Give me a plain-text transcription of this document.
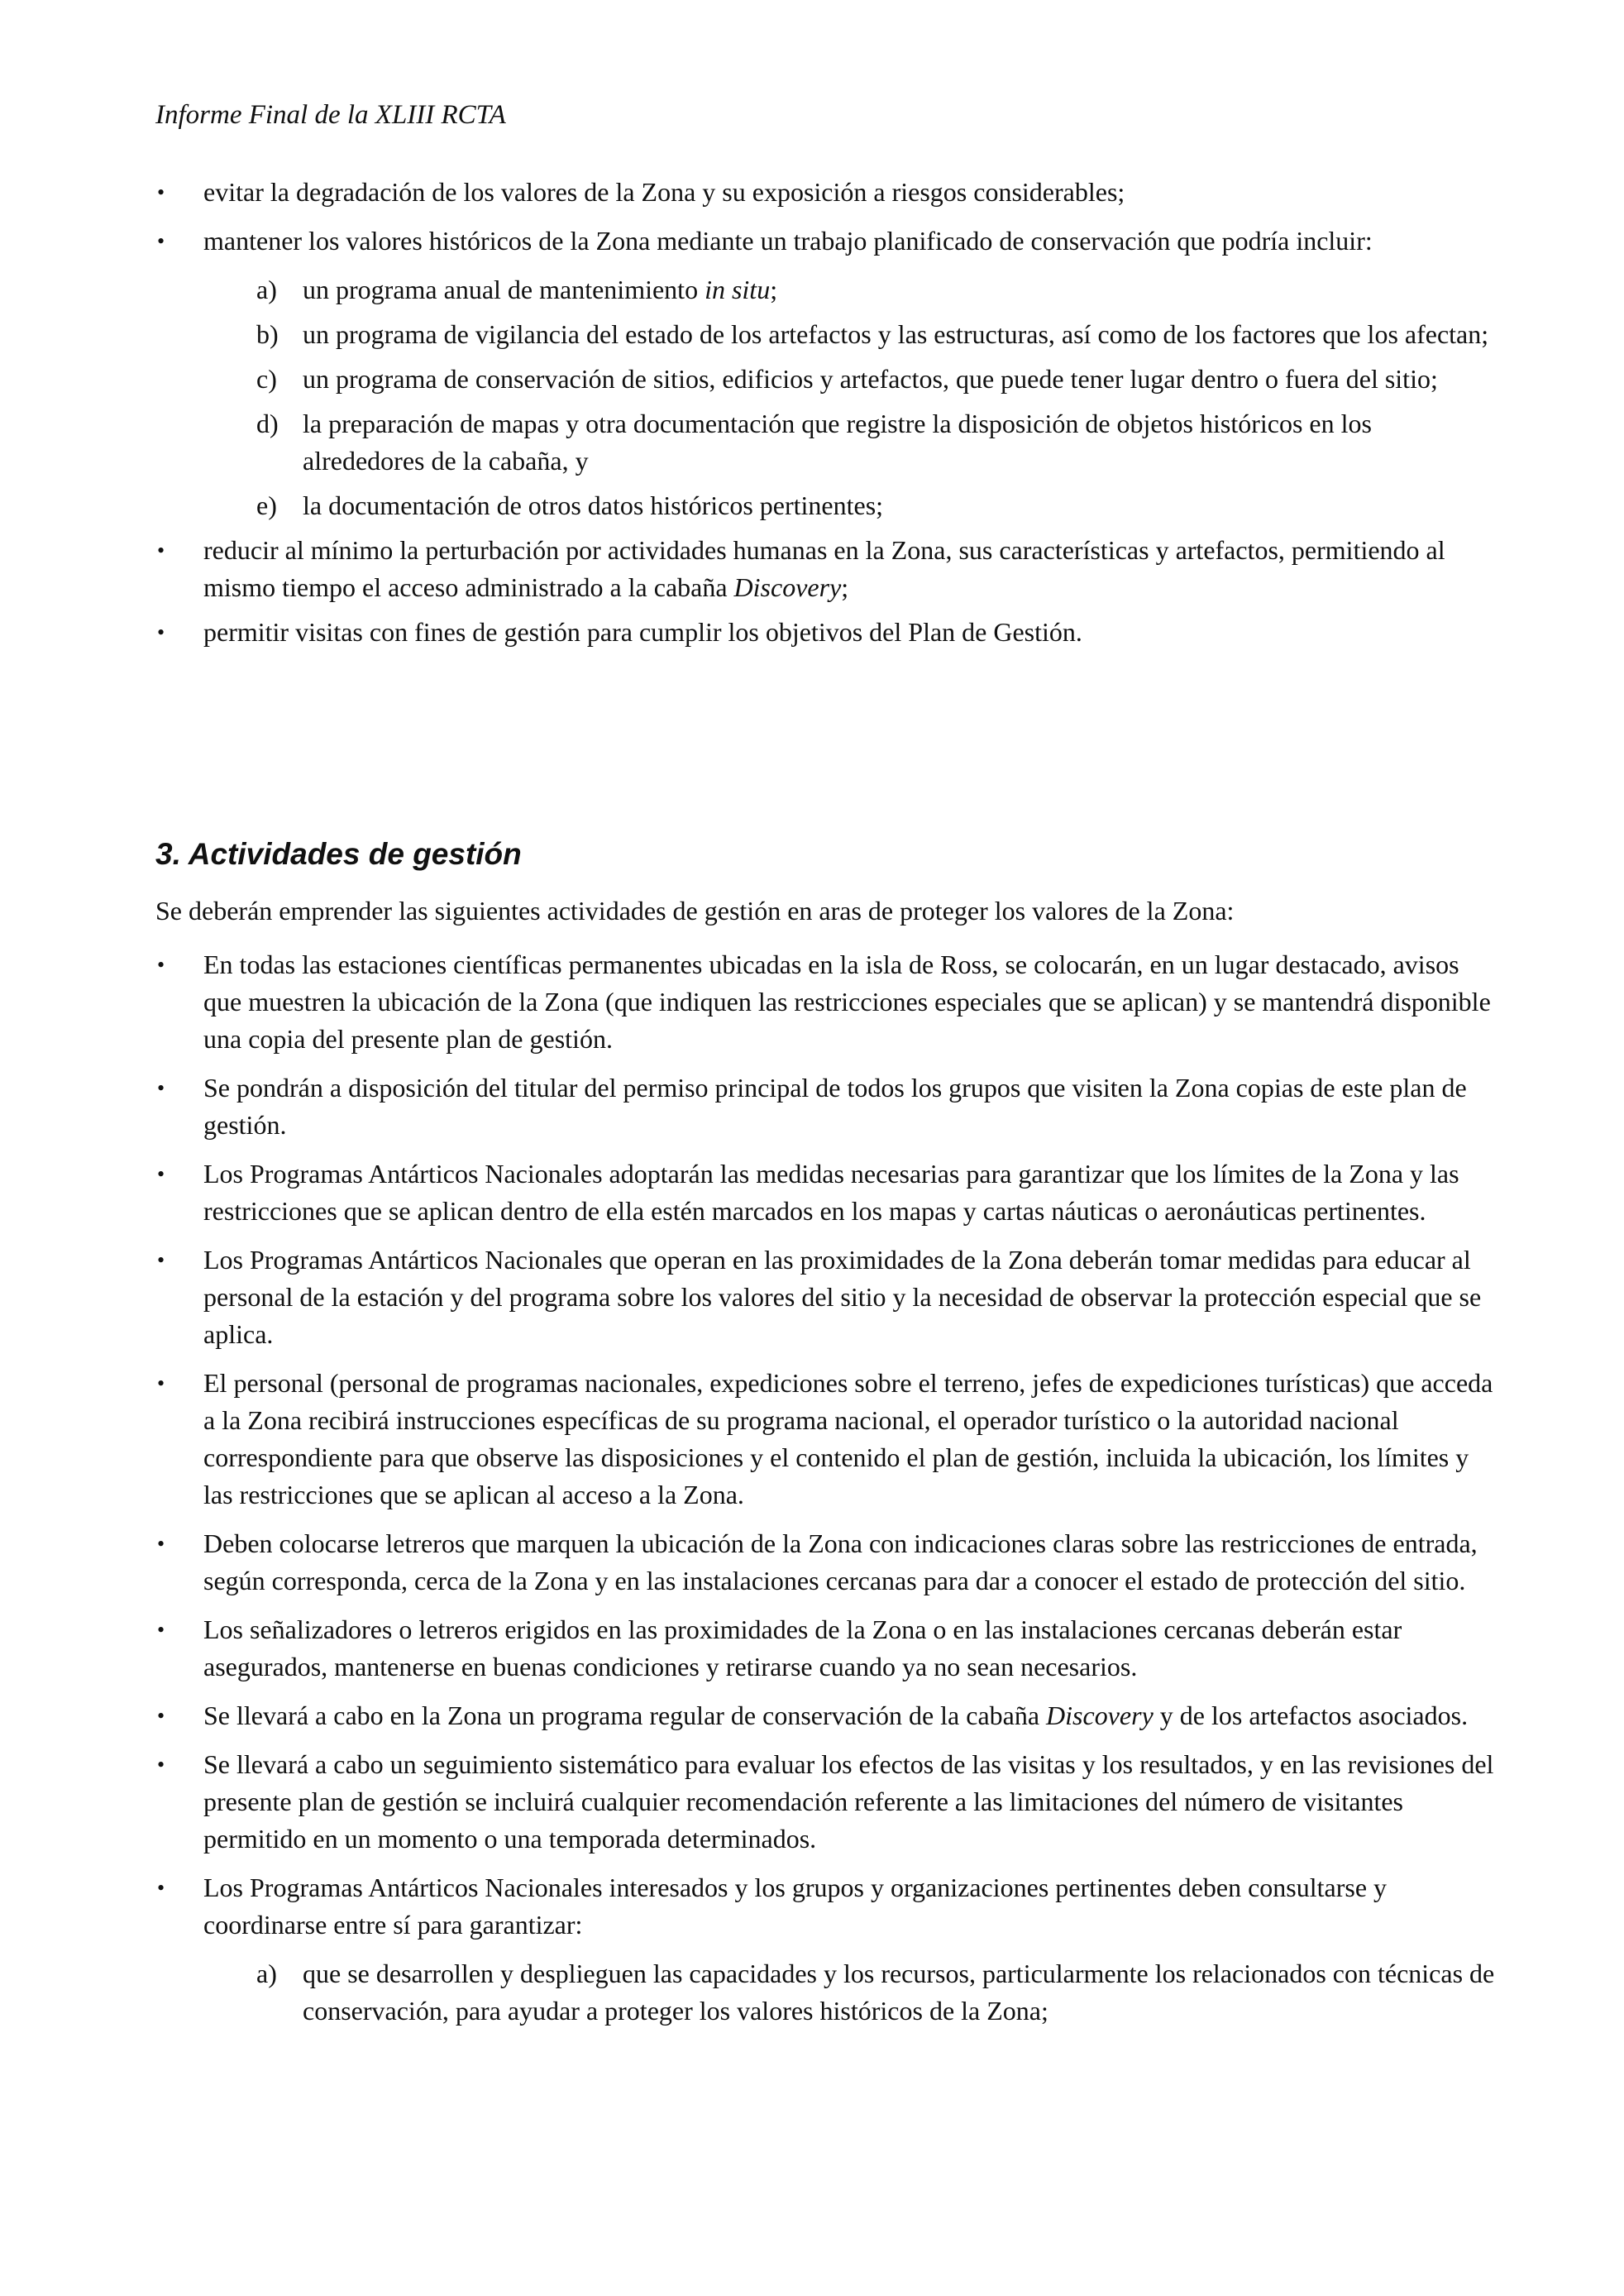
Informe Final de la XLIII RCTA
• evitar la degradación de los valores de la Zona y su exposición a riesgos considerables;
• mantener los valores históricos de la Zona mediante un trabajo planificado de conservación que podría incluir:
a) un programa anual de mantenimiento in situ;
b) un programa de vigilancia del estado de los artefactos y las estructuras, así como de los factores que los afectan;
c) un programa de conservación de sitios, edificios y artefactos, que puede tener lugar dentro o fuera del sitio;
d) la preparación de mapas y otra documentación que registre la disposición de objetos históricos en los alrededores de la cabaña, y
e) la documentación de otros datos históricos pertinentes;
• reducir al mínimo la perturbación por actividades humanas en la Zona, sus características y artefactos, permitiendo al mismo tiempo el acceso administrado a la cabaña Discovery;
• permitir visitas con fines de gestión para cumplir los objetivos del Plan de Gestión.
3. Actividades de gestión

Se deberán emprender las siguientes actividades de gestión en aras de proteger los valores de la Zona:

• En todas las estaciones científicas permanentes ubicadas en la isla de Ross, se colocarán, en un lugar destacado, avisos que muestren la ubicación de la Zona (que indiquen las restricciones especiales que se aplican) y se mantendrá disponible una copia del presente plan de gestión.
• Se pondrán a disposición del titular del permiso principal de todos los grupos que visiten la Zona copias de este plan de gestión.
• Los Programas Antárticos Nacionales adoptarán las medidas necesarias para garantizar que los límites de la Zona y las restricciones que se aplican dentro de ella estén marcados en los mapas y cartas náuticas o aeronáuticas pertinentes.
• Los Programas Antárticos Nacionales que operan en las proximidades de la Zona deberán tomar medidas para educar al personal de la estación y del programa sobre los valores del sitio y la necesidad de observar la protección especial que se aplica.
• El personal (personal de programas nacionales, expediciones sobre el terreno, jefes de expediciones turísticas) que acceda a la Zona recibirá instrucciones específicas de su programa nacional, el operador turístico o la autoridad nacional correspondiente para que observe las disposiciones y el contenido el plan de gestión, incluida la ubicación, los límites y las restricciones que se aplican al acceso a la Zona.
• Deben colocarse letreros que marquen la ubicación de la Zona con indicaciones claras sobre las restricciones de entrada, según corresponda, cerca de la Zona y en las instalaciones cercanas para dar a conocer el estado de protección del sitio.
• Los señalizadores o letreros erigidos en las proximidades de la Zona o en las instalaciones cercanas deberán estar asegurados, mantenerse en buenas condiciones y retirarse cuando ya no sean necesarios.
• Se llevará a cabo en la Zona un programa regular de conservación de la cabaña Discovery y de los artefactos asociados.
• Se llevará a cabo un seguimiento sistemático para evaluar los efectos de las visitas y los resultados, y en las revisiones del presente plan de gestión se incluirá cualquier recomendación referente a las limitaciones del número de visitantes permitido en un momento o una temporada determinados.
• Los Programas Antárticos Nacionales interesados y los grupos y organizaciones pertinentes deben consultarse y coordinarse entre sí para garantizar:
a) que se desarrollen y desplieguen las capacidades y los recursos, particularmente los relacionados con técnicas de conservación, para ayudar a proteger los valores históricos de la Zona;
